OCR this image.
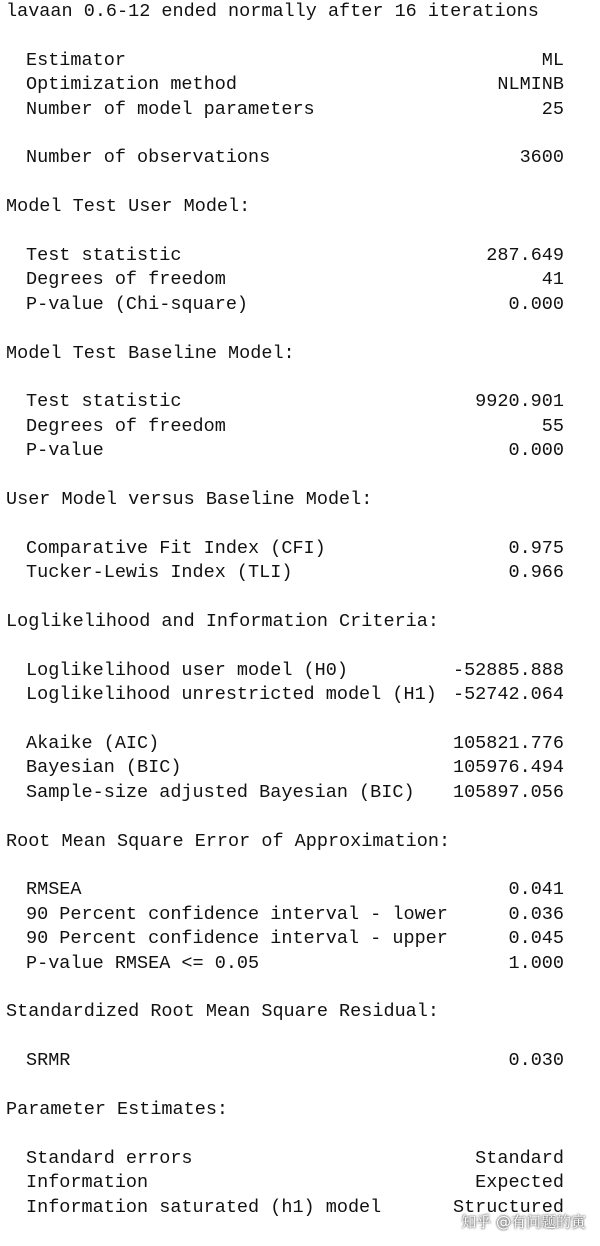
lavaan 0.6-12 ended normally after 16 iterations
Estimator	ML
Optimization method	NLMINB
Number of model parameters	25
Number of observations	3600
Model Test User Model:
Test statistic	287.649
Degrees of freedom	41
P-value (Chi-square)	0.000
Model Test Baseline Model:
Test statistic	9920.901
Degrees of freedom	55
P-value	0.000
User Model versus Baseline Model:
Comparative Fit Index (CFI)	0.975
Tucker-Lewis Index (TLI)	0.966
Loglikelihood and Information Criteria:
Loglikelihood user model (H0)	-52885.888
Loglikelihood unrestricted model (H1) -52742.064
Akaike (AIC)	105821.776
Bayesian (BIC)	105976.494
Sample-size adjusted Bayesian (BIC) 105897.056
Root Mean Square Error of Approximation:
RMSEA	0.041
90 Percent confidence interval - lower	0.036
90 Percent confidence interval - upper	0.045
P-value RMSEA <= 0.05	1.000
Standardized Root Mean Square Residual:
SRMR	0.030
Parameter Estimates:
Standard errors	Standard
Information	Expected
Information saturated (h1) model	Structured
知乎 @有问题的寅
